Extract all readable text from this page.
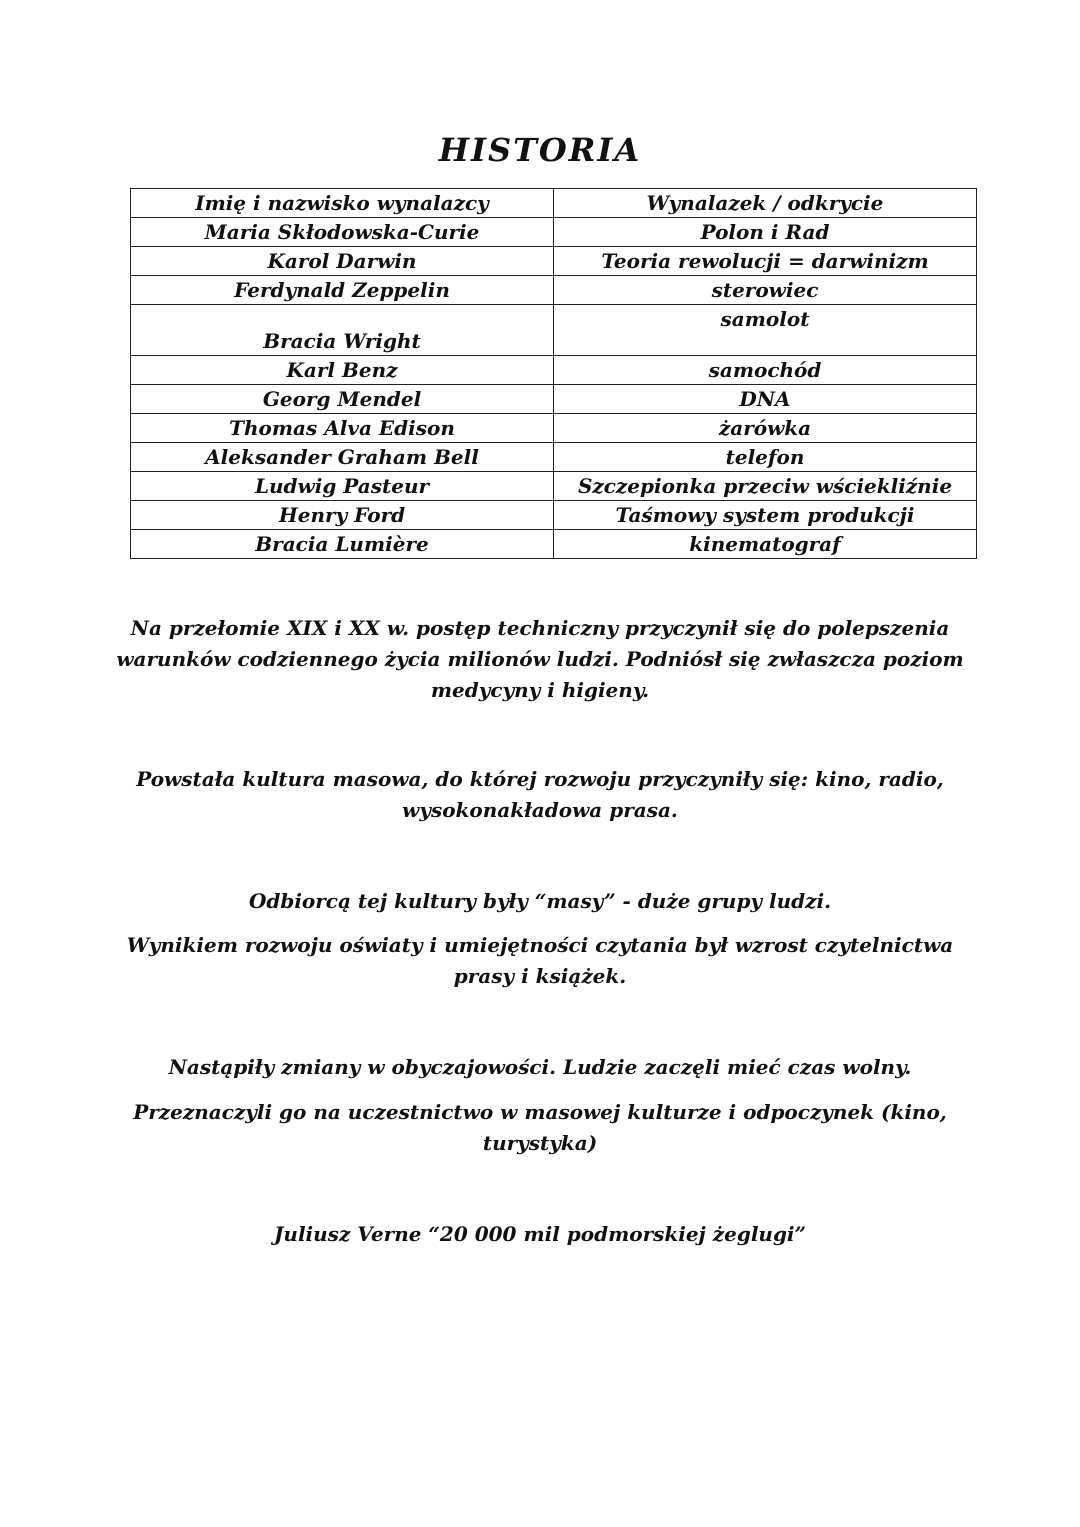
HISTORIA
Imię i nazwisko wynalazcy	Wynalazek / odkrycie
Maria Skłodowska-Curie	Polon i Rad
Karol Darwin	Teoria rewolucji = darwinizm
Ferdynald Zeppelin	sterowiec
Bracia Wright	samolot
Karl Benz	samochód
Georg Mendel	DNA
Thomas Alva Edison	żarówka
Aleksander Graham Bell	telefon
Ludwig Pasteur	Szczepionka przeciw wściekliźnie
Henry Ford	Taśmowy system produkcji
Bracia Lumière	kinematograf
Na przełomie XIX i XX w. postęp techniczny przyczynił się do polepszenia
warunków codziennego życia milionów ludzi. Podniósł się zwłaszcza poziom
medycyny i higieny.
Powstała kultura masowa, do której rozwoju przyczyniły się: kino, radio,
wysokonakładowa prasa.
Odbiorcą tej kultury były “masy” - duże grupy ludzi.
Wynikiem rozwoju oświaty i umiejętności czytania był wzrost czytelnictwa
prasy i książek.
Nastąpiły zmiany w obyczajowości. Ludzie zaczęli mieć czas wolny.
Przeznaczyli go na uczestnictwo w masowej kulturze i odpoczynek (kino,
turystyka)
Juliusz Verne “20 000 mil podmorskiej żeglugi”
